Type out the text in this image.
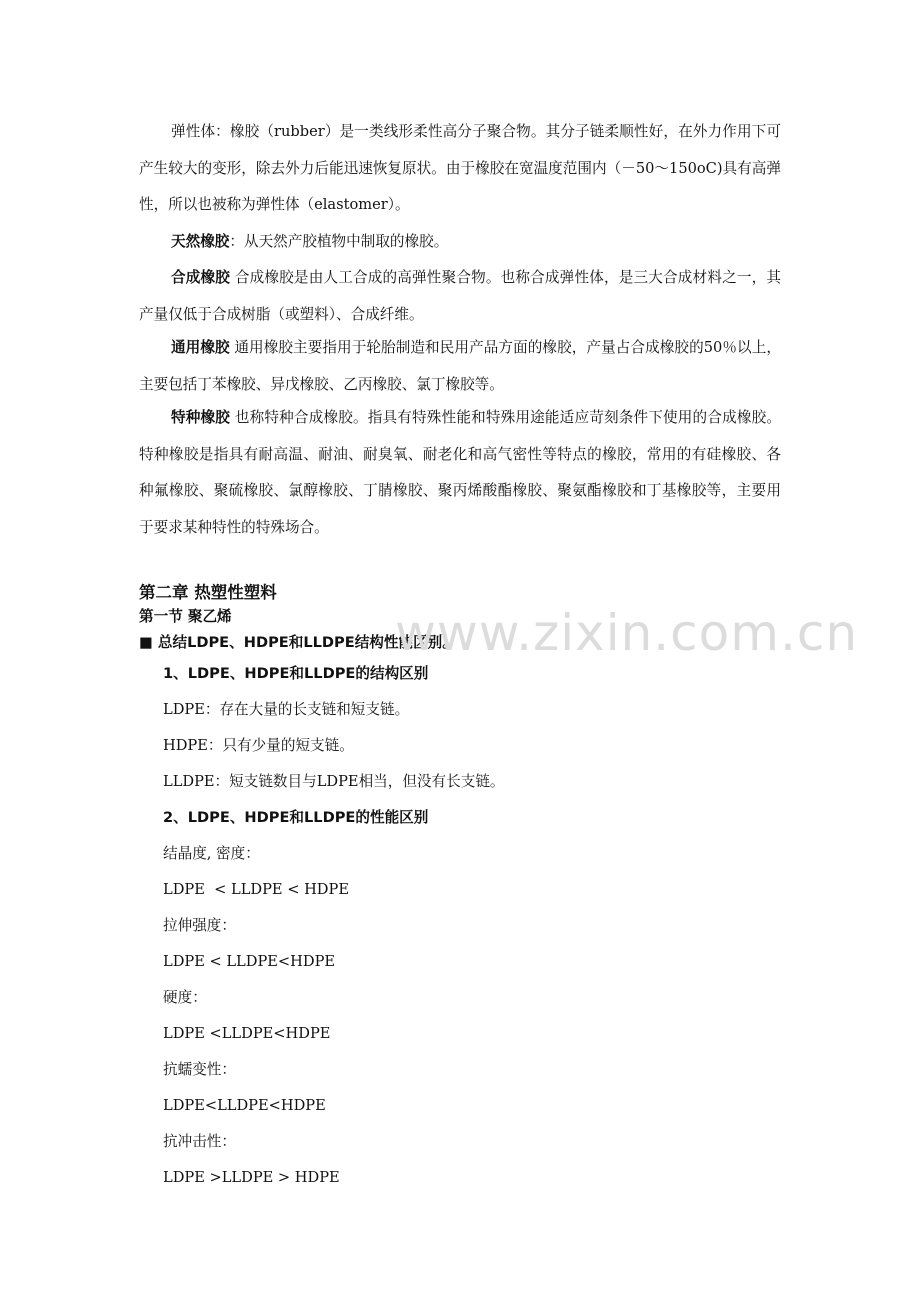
弹性体：橡胶（rubber）是一类线形柔性高分子聚合物。其分子链柔顺性好，在外力作用下可产生较大的变形，除去外力后能迅速恢复原状。由于橡胶在宽温度范围内（－50～150oC)具有高弹性，所以也被称为弹性体（elastomer）。

天然橡胶：从天然产胶植物中制取的橡胶。

合成橡胶 合成橡胶是由人工合成的高弹性聚合物。也称合成弹性体，是三大合成材料之一，其产量仅低于合成树脂（或塑料）、合成纤维。

通用橡胶 通用橡胶主要指用于轮胎制造和民用产品方面的橡胶，产量占合成橡胶的50％以上，主要包括丁苯橡胶、异戊橡胶、乙丙橡胶、氯丁橡胶等。

特种橡胶 也称特种合成橡胶。指具有特殊性能和特殊用途能适应苛刻条件下使用的合成橡胶。特种橡胶是指具有耐高温、耐油、耐臭氧、耐老化和高气密性等特点的橡胶，常用的有硅橡胶、各种氟橡胶、聚硫橡胶、氯醇橡胶、丁腈橡胶、聚丙烯酸酯橡胶、聚氨酯橡胶和丁基橡胶等，主要用于要求某种特性的特殊场合。

第二章 热塑性塑料
第一节 聚乙烯

■ 总结LDPE、HDPE和LLDPE结构性能区别。

1、LDPE、HDPE和LLDPE的结构区别

LDPE：存在大量的长支链和短支链。

HDPE：只有少量的短支链。

LLDPE：短支链数目与LDPE相当，但没有长支链。

2、LDPE、HDPE和LLDPE的性能区别

结晶度, 密度：

LDPE  < LLDPE < HDPE

拉伸强度：

LDPE < LLDPE<HDPE

硬度：

LDPE <LLDPE<HDPE

抗蠕变性：

LDPE<LLDPE<HDPE

抗冲击性：

LDPE >LLDPE > HDPE

www.zixin.com.cn
